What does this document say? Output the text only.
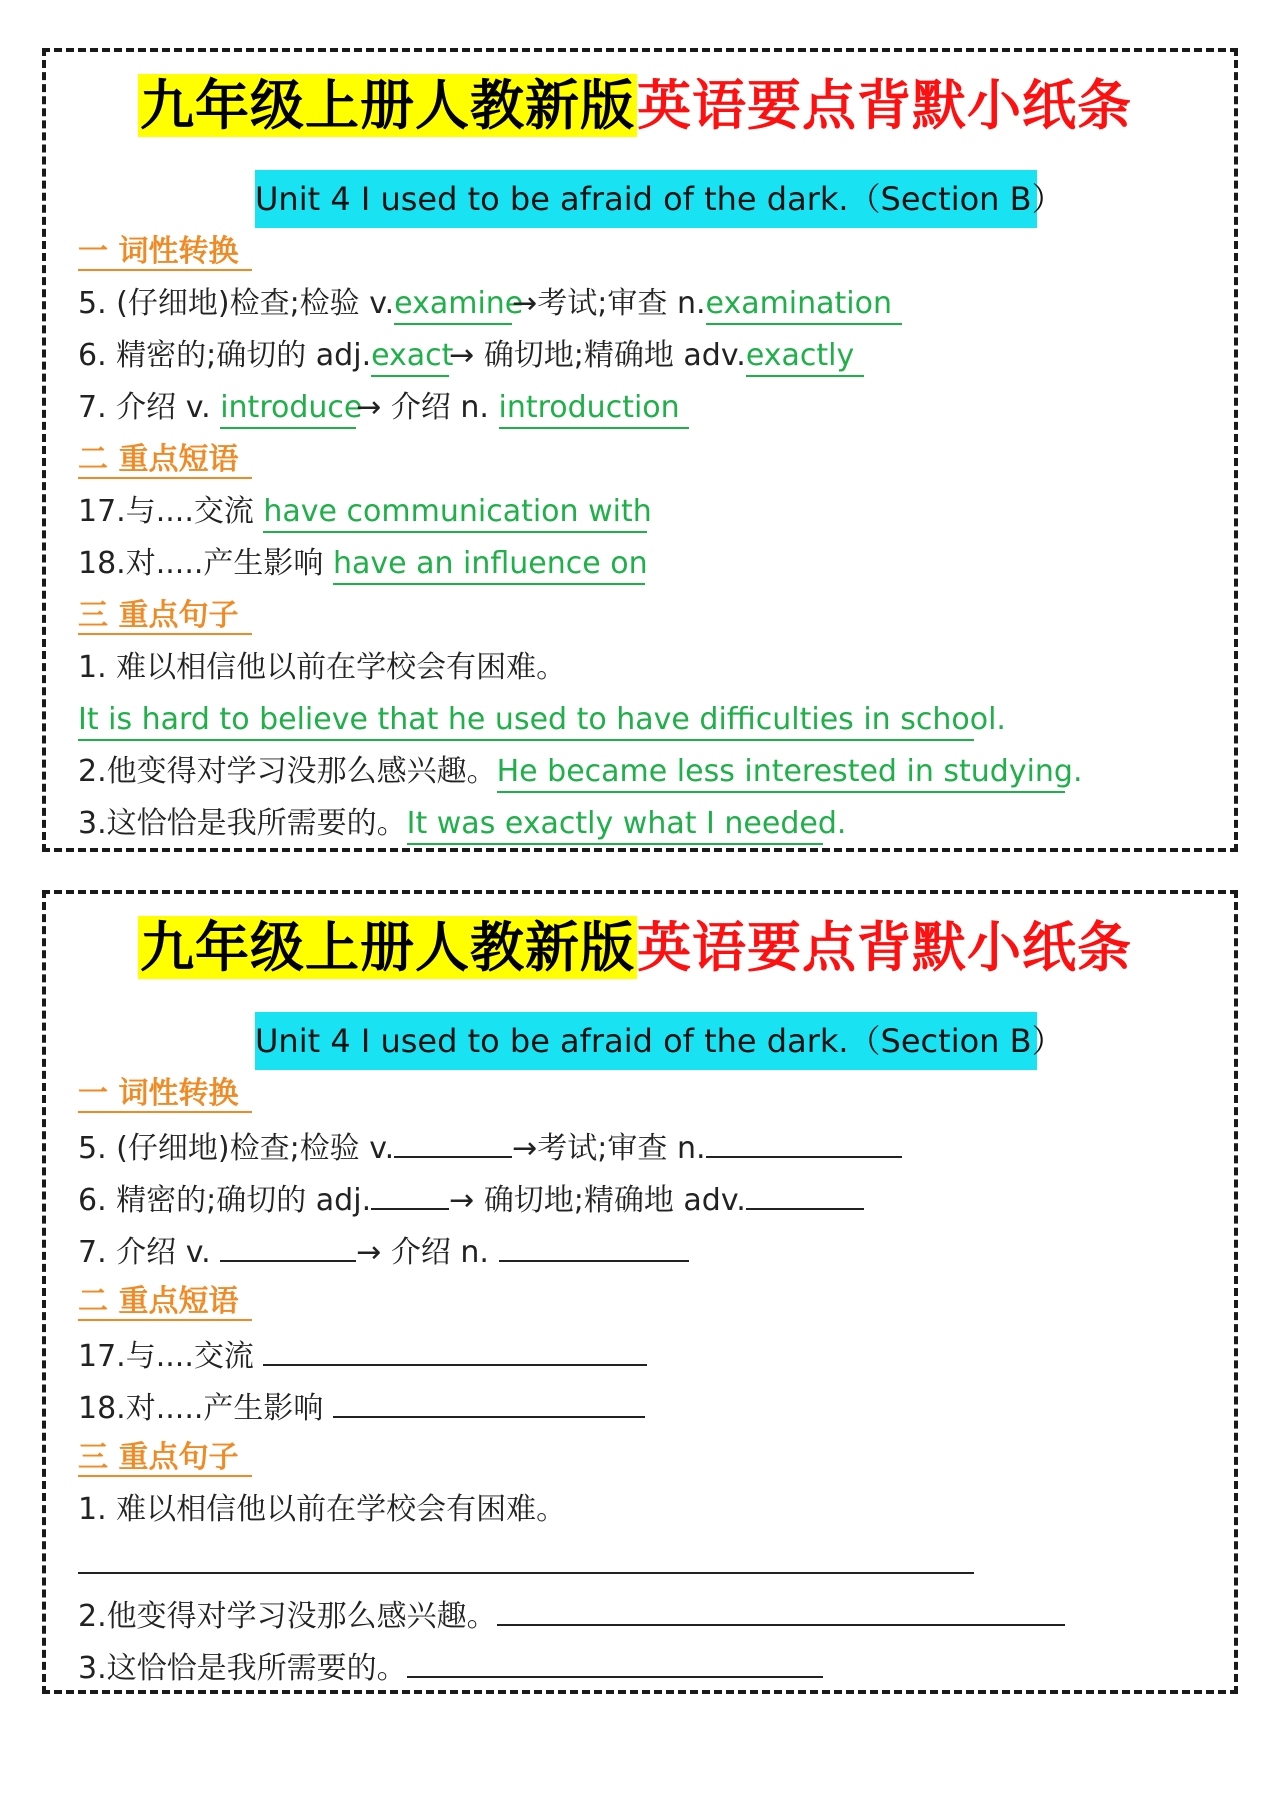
九年级上册人教新版英语要点背默小纸条
Unit 4 I used to be afraid of the dark.（Section B）
一 词性转换
5. (仔细地)检查;检验 v.examine→考试;审查 n.examination
6. 精密的;确切的 adj.exact→ 确切地;精确地 adv.exactly
7. 介绍 v. introduce→ 介绍 n. introduction
二 重点短语
17.与....交流 have communication with
18.对.....产生影响 have an influence on
三 重点句子
1. 难以相信他以前在学校会有困难。
It is hard to believe that he used to have difficulties in school.
2.他变得对学习没那么感兴趣。He became less interested in studying.
3.这恰恰是我所需要的。It was exactly what I needed.
九年级上册人教新版英语要点背默小纸条
Unit 4 I used to be afraid of the dark.（Section B）
一 词性转换
5. (仔细地)检查;检验 v.	→考试;审查 n.
6. 精密的;确切的 adj.	→ 确切地;精确地 adv.
7. 介绍 v.	→ 介绍 n.
二 重点短语
17.与....交流
18.对.....产生影响
三 重点句子
1. 难以相信他以前在学校会有困难。
2.他变得对学习没那么感兴趣。
3.这恰恰是我所需要的。
